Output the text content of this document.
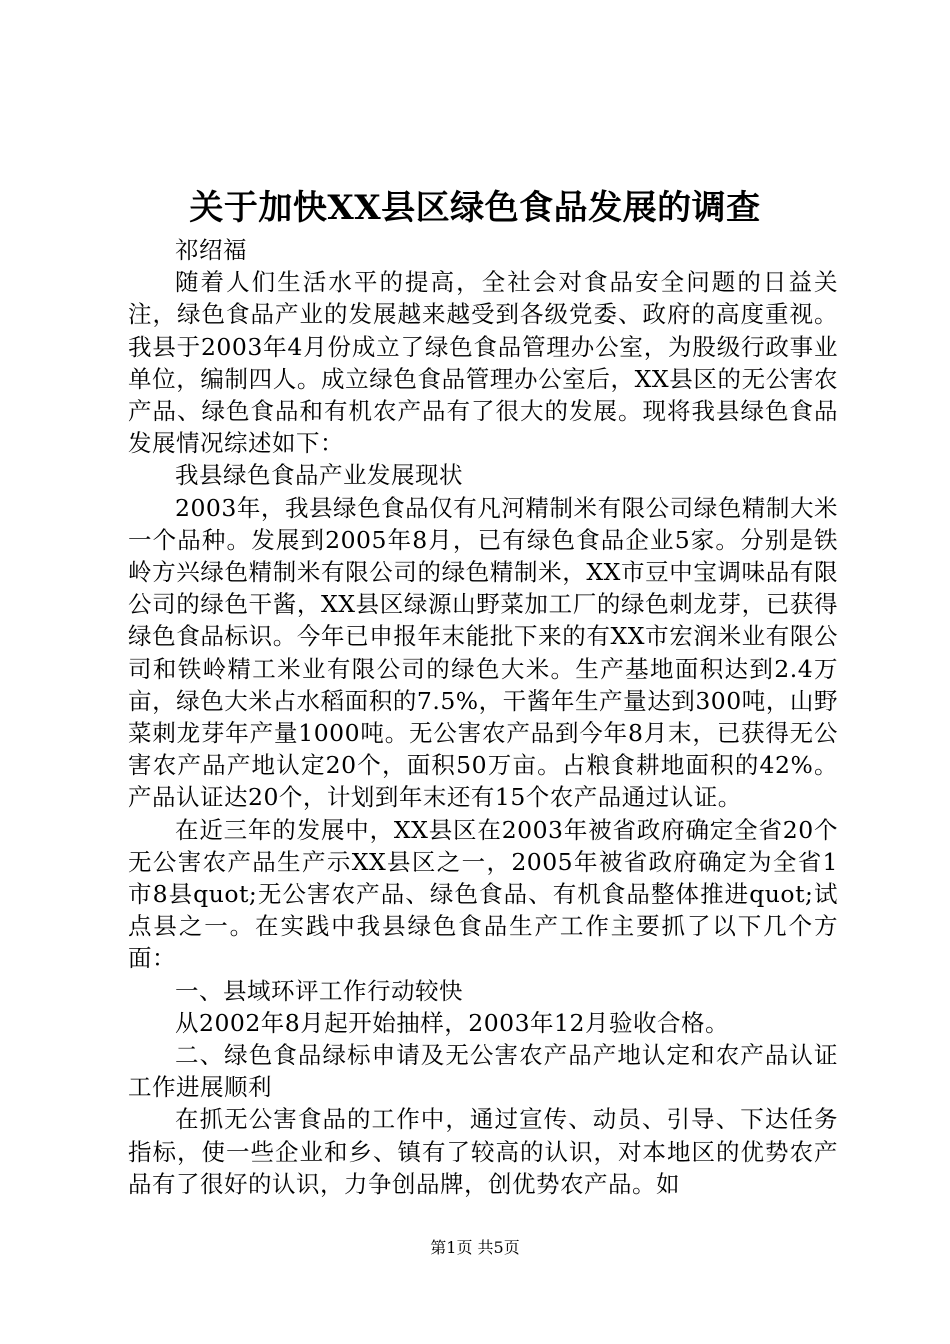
关于加快XX县区绿色食品发展的调查

祁绍福

随着人们生活水平的提高，全社会对食品安全问题的日益关注，绿色食品产业的发展越来越受到各级党委、政府的高度重视。我县于2003年4月份成立了绿色食品管理办公室，为股级行政事业单位，编制四人。成立绿色食品管理办公室后，XX县区的无公害农产品、绿色食品和有机农产品有了很大的发展。现将我县绿色食品发展情况综述如下：

我县绿色食品产业发展现状

2003年，我县绿色食品仅有凡河精制米有限公司绿色精制大米一个品种。发展到2005年8月，已有绿色食品企业5家。分别是铁岭方兴绿色精制米有限公司的绿色精制米，XX市豆中宝调味品有限公司的绿色干酱，XX县区绿源山野菜加工厂的绿色刺龙芽，已获得绿色食品标识。今年已申报年末能批下来的有XX市宏润米业有限公司和铁岭精工米业有限公司的绿色大米。生产基地面积达到2.4万亩，绿色大米占水稻面积的7.5%，干酱年生产量达到300吨，山野菜刺龙芽年产量1000吨。无公害农产品到今年8月末，已获得无公害农产品产地认定20个，面积50万亩。占粮食耕地面积的42%。产品认证达20个，计划到年末还有15个农产品通过认证。

在近三年的发展中，XX县区在2003年被省政府确定全省20个无公害农产品生产示XX县区之一，2005年被省政府确定为全省1市8县quot;无公害农产品、绿色食品、有机食品整体推进quot;试点县之一。在实践中我县绿色食品生产工作主要抓了以下几个方面：

一、县域环评工作行动较快

从2002年8月起开始抽样，2003年12月验收合格。

二、绿色食品绿标申请及无公害农产品产地认定和农产品认证工作进展顺利

在抓无公害食品的工作中，通过宣传、动员、引导、下达任务指标，使一些企业和乡、镇有了较高的认识，对本地区的优势农产品有了很好的认识，力争创品牌，创优势农产品。如

第1页 共5页
